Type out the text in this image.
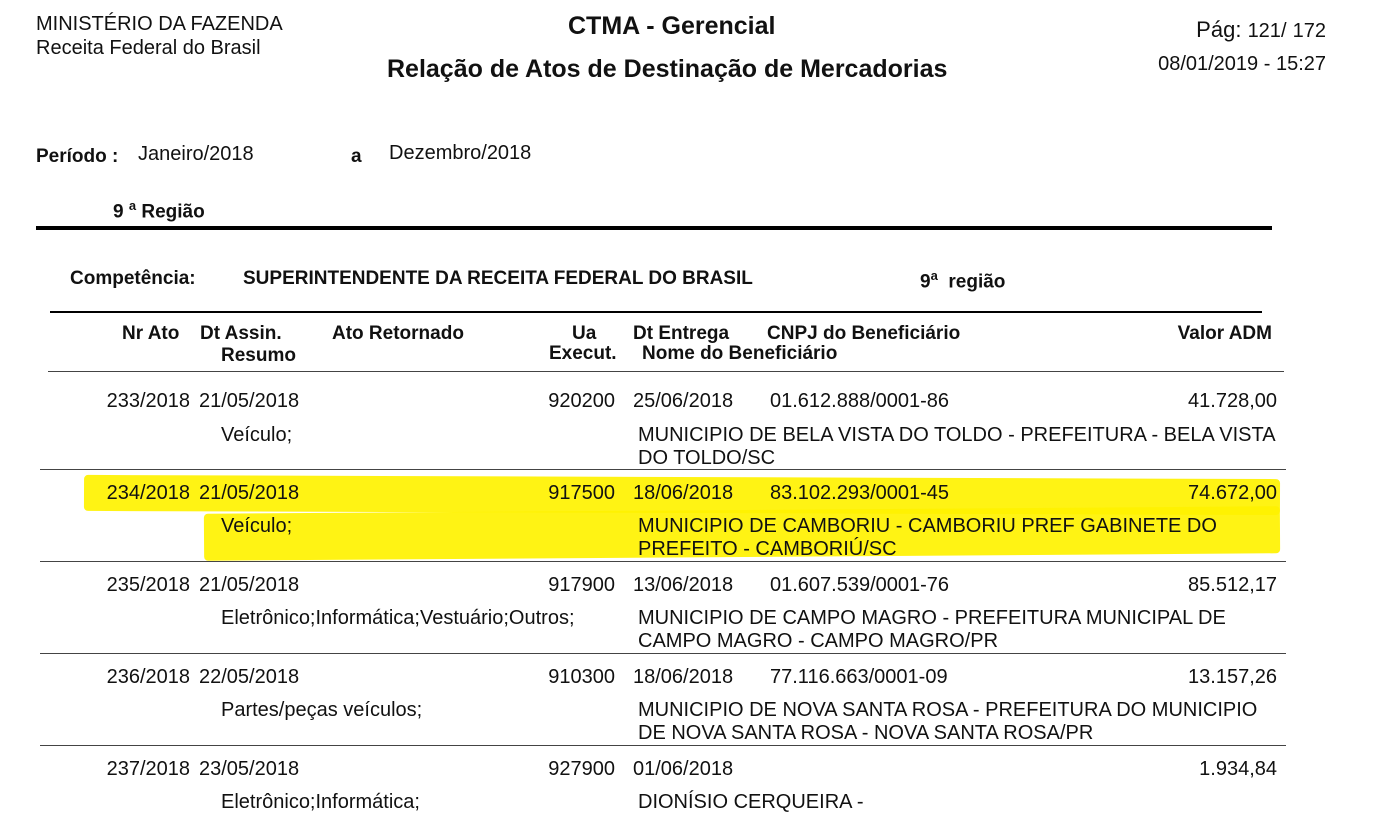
MINISTÉRIO DA FAZENDA
Receita Federal do Brasil
CTMA - Gerencial
Relação de Atos de Destinação de Mercadorias
Pág: 121/ 172
08/01/2019 - 15:27
Período : Janeiro/2018	a Dezembro/2018
9 $^a$ Região
Competência: SUPERINTENDENTE DA RECEITA FEDERAL DO BRASIL	9$^a$ região
Nr Ato Dt Assin.
Resumo
Ato Retornado	Ua
Execut.
Dt Entrega CNPJ do Beneficiário
Nome do Beneficiário
Valor ADM
233/2018 21/05/2018	920200 25/06/2018 01.612.888/0001-86	41.728,00
Veículo;	MUNICIPIO DE BELA VISTA DO TOLDO - PREFEITURA - BELA VISTA DO TOLDO/SC
234/2018 21/05/2018	917500 18/06/2018 83.102.293/0001-45	74.672,00
Veículo;	MUNICIPIO DE CAMBORIU - CAMBORIU PREF GABINETE DO PREFEITO - CAMBORIÚ/SC
235/2018 21/05/2018	917900 13/06/2018 01.607.539/0001-76	85.512,17
Eletrônico;Informática;Vestuário;Outros;	MUNICIPIO DE CAMPO MAGRO - PREFEITURA MUNICIPAL DE CAMPO MAGRO - CAMPO MAGRO/PR
236/2018 22/05/2018	910300 18/06/2018 77.116.663/0001-09	13.157,26
Partes/peças veículos;	MUNICIPIO DE NOVA SANTA ROSA - PREFEITURA DO MUNICIPIO DE NOVA SANTA ROSA - NOVA SANTA ROSA/PR
237/2018 23/05/2018	927900 01/06/2018	1.934,84
Eletrônico;Informática;	DIONÍSIO CERQUEIRA -
